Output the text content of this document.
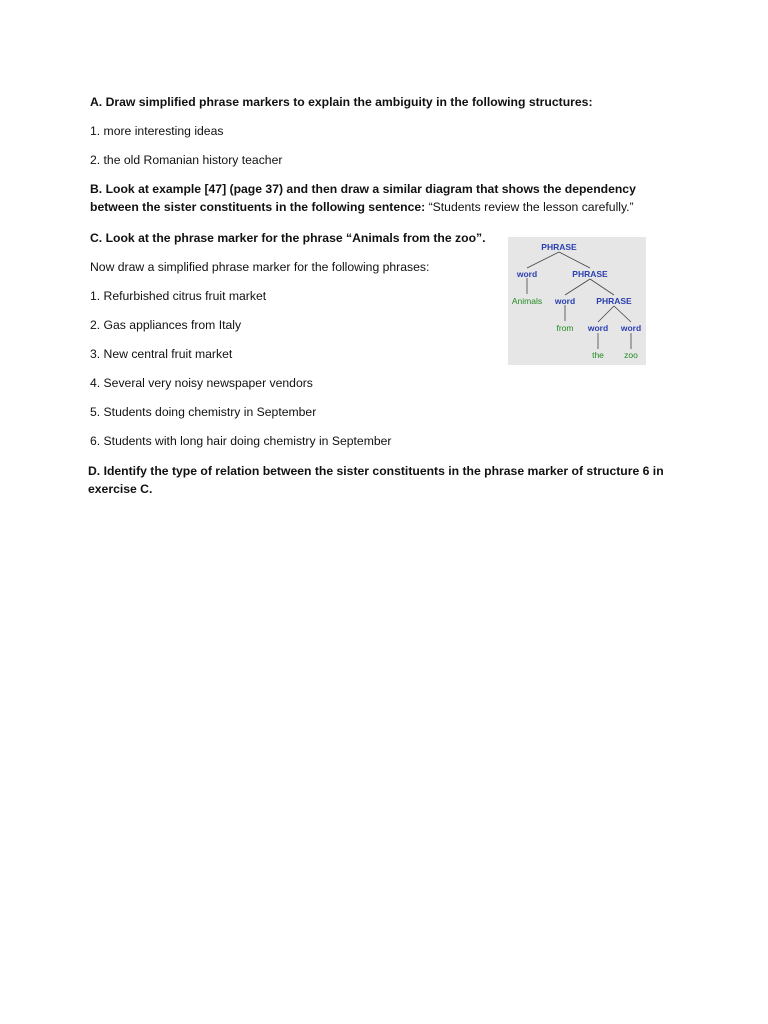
A. Draw simplified phrase markers to explain the ambiguity in the following structures:
1. more interesting ideas
2. the old Romanian history teacher
B. Look at example [47] (page 37) and then draw a similar diagram that shows the dependency
between the sister constituents in the following sentence: “Students review the lesson carefully.”
C. Look at the phrase marker for the phrase “Animals from the zoo”.
Now draw a simplified phrase marker for the following phrases:
1. Refurbished citrus fruit market
2. Gas appliances from Italy
3. New central fruit market
4. Several very noisy newspaper vendors
5. Students doing chemistry in September
6. Students with long hair doing chemistry in September
D. Identify the type of relation between the sister constituents in the phrase marker of structure 6 in exercise C.
PHRASE
word	PHRASE
Animals word PHRASE
from word word
the zoo
